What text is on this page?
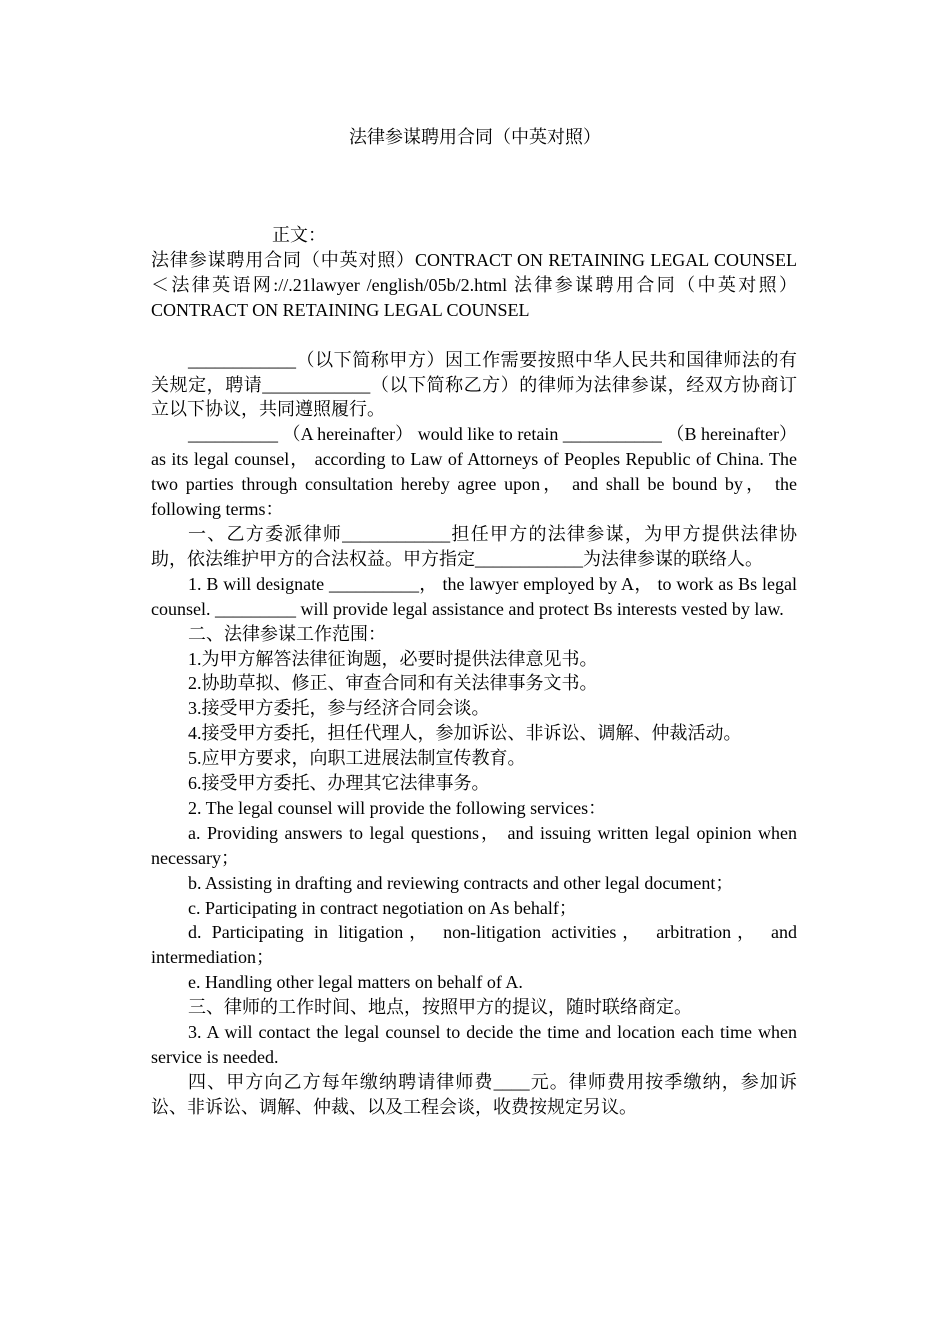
法律参谋聘用合同（中英对照）

正文：

法律参谋聘用合同（中英对照）CONTRACT ON RETAINING LEGAL COUNSEL＜法律英语网://.21lawyer /english/05b/2.html 法律参谋聘用合同（中英对照）CONTRACT ON RETAINING LEGAL COUNSEL

____________（以下简称甲方）因工作需要按照中华人民共和国律师法的有关规定，聘请____________（以下简称乙方）的律师为法律参谋，经双方协商订立以下协议，共同遵照履行。

__________ （A hereinafter） would like to retain ___________ （B hereinafter） as its legal counsel， according to Law of Attorneys of Peoples Republic of China. The two parties through consultation hereby agree upon， and shall be bound by， the following terms：

一、乙方委派律师____________担任甲方的法律参谋，为甲方提供法律协助，依法维护甲方的合法权益。甲方指定____________为法律参谋的联络人。

1. B will designate __________， the lawyer employed by A， to work as Bs legal counsel. _________ will provide legal assistance and protect Bs interests vested by law.

二、法律参谋工作范围：

1.为甲方解答法律征询题，必要时提供法律意见书。

2.协助草拟、修正、审查合同和有关法律事务文书。

3.接受甲方委托，参与经济合同会谈。

4.接受甲方委托，担任代理人，参加诉讼、非诉讼、调解、仲裁活动。

5.应甲方要求，向职工进展法制宣传教育。

6.接受甲方委托、办理其它法律事务。

2. The legal counsel will provide the following services：

a. Providing answers to legal questions， and issuing written legal opinion when necessary；

b. Assisting in drafting and reviewing contracts and other legal document；

c. Participating in contract negotiation on As behalf；

d. Participating in litigation， non-litigation activities， arbitration， and intermediation；

e. Handling other legal matters on behalf of A.

三、律师的工作时间、地点，按照甲方的提议，随时联络商定。

3. A will contact the legal counsel to decide the time and location each time when service is needed.

四、甲方向乙方每年缴纳聘请律师费____元。律师费用按季缴纳，参加诉讼、非诉讼、调解、仲裁、以及工程会谈，收费按规定另议。
